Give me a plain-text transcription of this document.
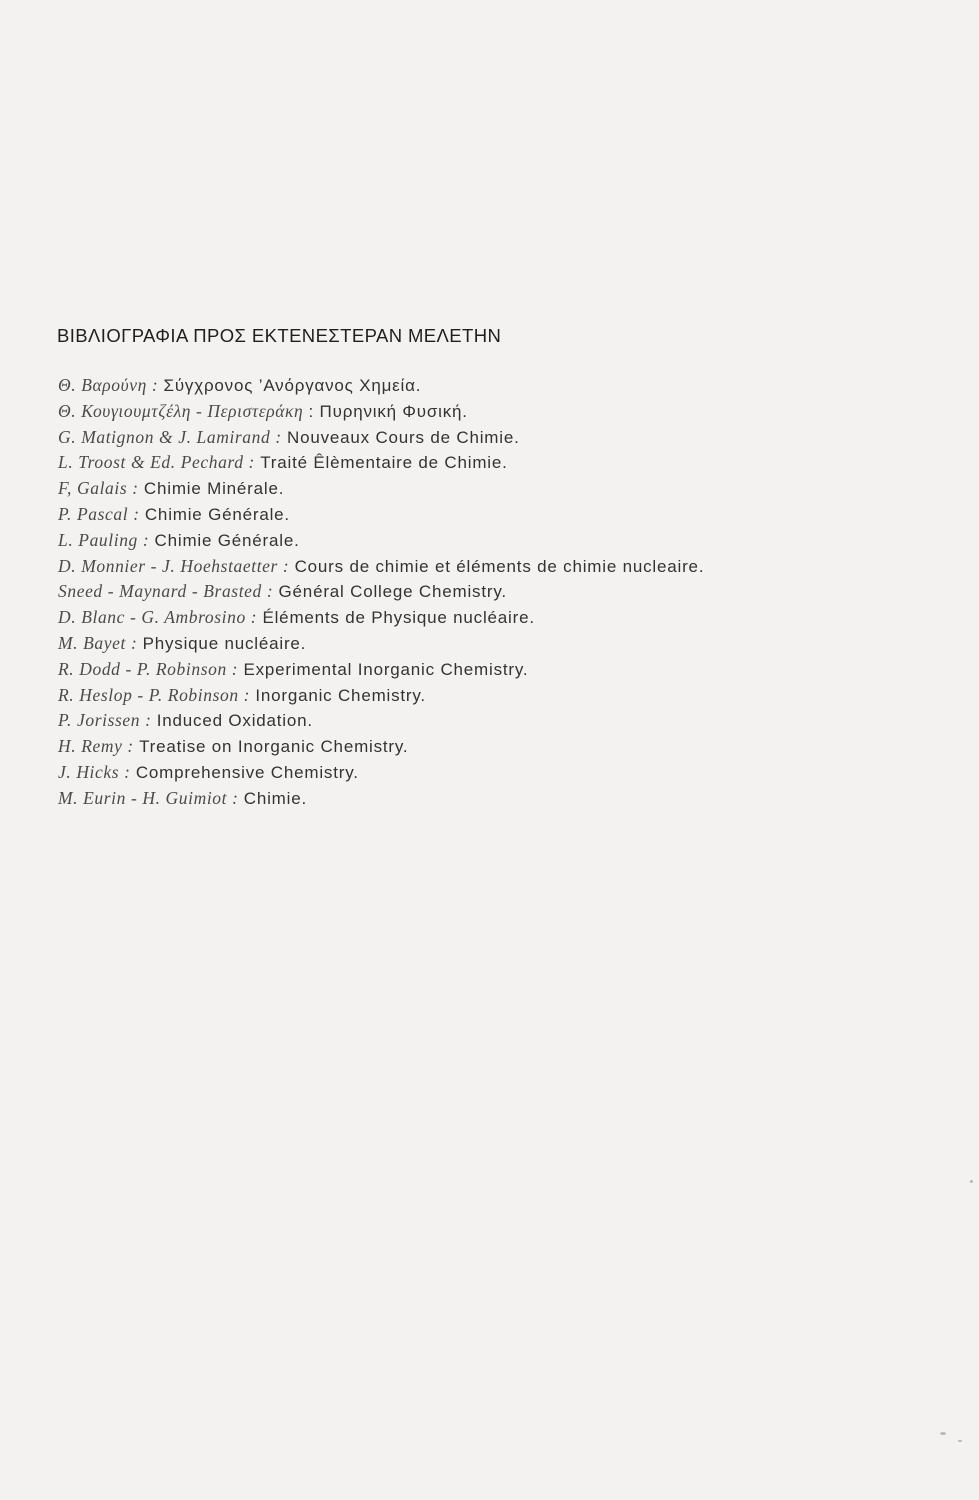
ΒΙΒΛΙΟΓΡΑΦΙΑ ΠΡΟΣ ΕΚΤΕΝΕΣΤΕΡΑΝ ΜΕΛΕΤΗΝ
Θ. Βαρούνη : Σύγχρονος ’Ανόργανος Χημεία.
Θ. Κουγιουμτζέλη - Περιστεράκη : Πυρηνική Φυσική.
G. Matignon & J. Lamirand : Nouveaux Cours de Chimie.
L. Troost & Ed. Pechard : Traité Êlèmentaire de Chimie.
F, Galais : Chimie Minérale.
P. Pascal : Chimie Générale.
L. Pauling : Chimie Générale.
D. Monnier - J. Hoehstaetter : Cours de chimie et éléments de chimie nucleaire.
Sneed - Maynard - Brasted : Général College Chemistry.
D. Blanc - G. Ambrosino : Éléments de Physique nucléaire.
M. Bayet : Physique nucléaire.
R. Dodd - P. Robinson : Experimental Inorganic Chemistry.
R. Heslop - P. Robinson : Inorganic Chemistry.
P. Jorissen : Induced Oxidation.
H. Remy : Treatise on Inorganic Chemistry.
J. Hicks : Comprehensive Chemistry.
M. Eurin - H. Guimiot : Chimie.
